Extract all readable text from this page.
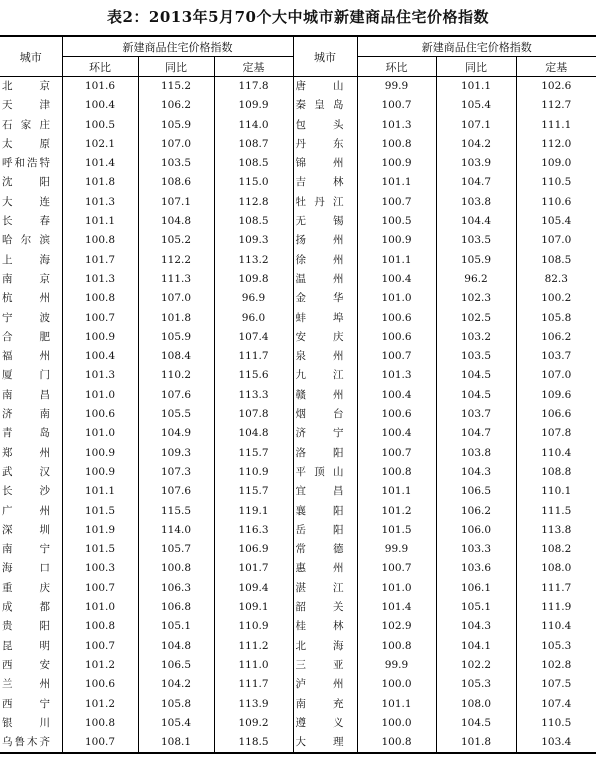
表2：2013年5月70个大中城市新建商品住宅价格指数
城市	新建商品住宅价格指数			城市	新建商品住宅价格指数		
	环比	同比	定基		环比	同比	定基

北京	101.6	115.2	117.8	唐山	99.9	101.1	102.6

天津	100.4	106.2	109.9	秦皇岛	100.7	105.4	112.7

石家庄	100.5	105.9	114.0	包头	101.3	107.1	111.1

太原	102.1	107.0	108.7	丹东	100.8	104.2	112.0

呼和浩特	101.4	103.5	108.5	锦州	100.9	103.9	109.0

沈阳	101.8	108.6	115.0	吉林	101.1	104.7	110.5

大连	101.3	107.1	112.8	牡丹江	100.7	103.8	110.6

长春	101.1	104.8	108.5	无锡	100.5	104.4	105.4

哈尔滨	100.8	105.2	109.3	扬州	100.9	103.5	107.0

上海	101.7	112.2	113.2	徐州	101.1	105.9	108.5

南京	101.3	111.3	109.8	温州	100.4	96.2	82.3

杭州	100.8	107.0	96.9	金华	101.0	102.3	100.2

宁波	100.7	101.8	96.0	蚌埠	100.6	102.5	105.8

合肥	100.9	105.9	107.4	安庆	100.6	103.2	106.2

福州	100.4	108.4	111.7	泉州	100.7	103.5	103.7

厦门	101.3	110.2	115.6	九江	101.3	104.5	107.0

南昌	101.0	107.6	113.3	赣州	100.4	104.5	109.6

济南	100.6	105.5	107.8	烟台	100.6	103.7	106.6

青岛	101.0	104.9	104.8	济宁	100.4	104.7	107.8

郑州	100.9	109.3	115.7	洛阳	100.7	103.8	110.4

武汉	100.9	107.3	110.9	平顶山	100.8	104.3	108.8

长沙	101.1	107.6	115.7	宜昌	101.1	106.5	110.1

广州	101.5	115.5	119.1	襄阳	101.2	106.2	111.5

深圳	101.9	114.0	116.3	岳阳	101.5	106.0	113.8

南宁	101.5	105.7	106.9	常德	99.9	103.3	108.2

海口	100.3	100.8	101.7	惠州	100.7	103.6	108.0

重庆	100.7	106.3	109.4	湛江	101.0	106.1	111.7

成都	101.0	106.8	109.1	韶关	101.4	105.1	111.9

贵阳	100.8	105.1	110.9	桂林	102.9	104.3	110.4

昆明	100.7	104.8	111.2	北海	100.8	104.1	105.3

西安	101.2	106.5	111.0	三亚	99.9	102.2	102.8

兰州	100.6	104.2	111.7	泸州	100.0	105.3	107.5

西宁	101.2	105.8	113.9	南充	101.1	108.0	107.4

银川	100.8	105.4	109.2	遵义	100.0	104.5	110.5

乌鲁木齐	100.7	108.1	118.5	大理	100.8	101.8	103.4
